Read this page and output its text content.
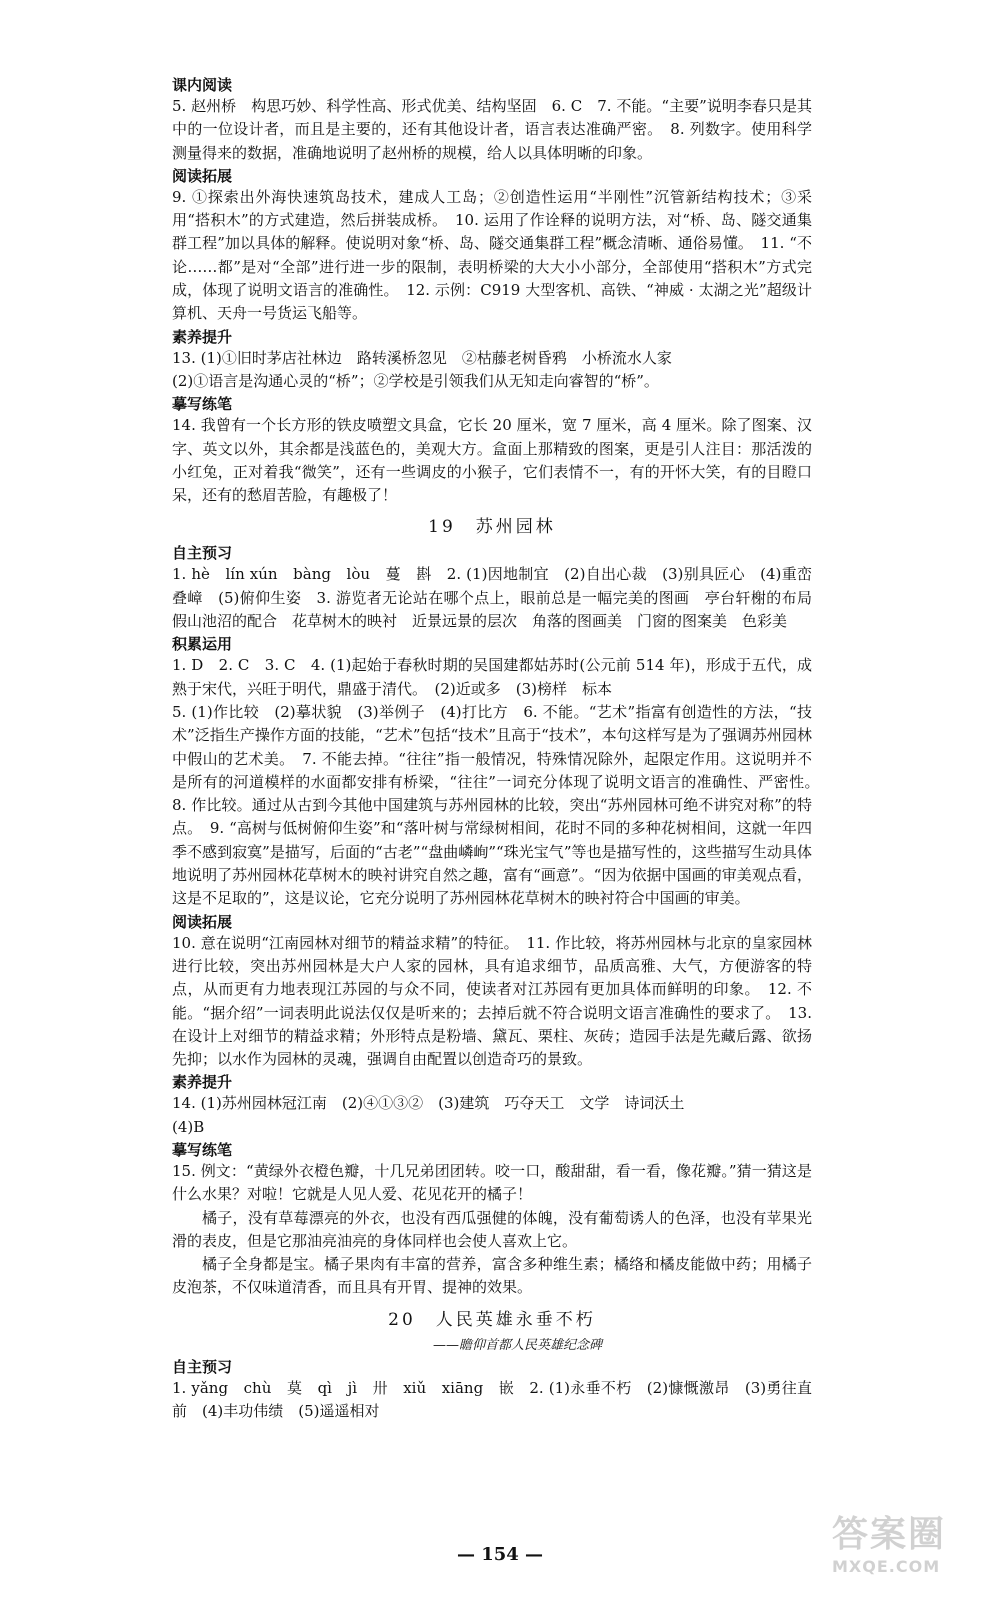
课内阅读

5. 赵州桥　构思巧妙、科学性高、形式优美、结构坚固　6. C　7. 不能。“主要”说明李春只是其中的一位设计者，而且是主要的，还有其他设计者，语言表达准确严密。　8. 列数字。使用科学测量得来的数据，准确地说明了赵州桥的规模，给人以具体明晰的印象。

阅读拓展

9. ①探索出外海快速筑岛技术，建成人工岛；②创造性运用“半刚性”沉管新结构技术；③采用“搭积木”的方式建造，然后拼装成桥。　10. 运用了作诠释的说明方法，对“桥、岛、隧交通集群工程”加以具体的解释。使说明对象“桥、岛、隧交通集群工程”概念清晰、通俗易懂。　11. “不论……都”是对“全部”进行进一步的限制，表明桥梁的大大小小部分，全部使用“搭积木”方式完成，体现了说明文语言的准确性。　12. 示例：C919 大型客机、高铁、“神威 · 太湖之光”超级计算机、天舟一号货运飞船等。

素养提升

13. (1)①旧时茅店社林边　路转溪桥忽见　②枯藤老树昏鸦　小桥流水人家

(2)①语言是沟通心灵的“桥”；②学校是引领我们从无知走向睿智的“桥”。

摹写练笔

14. 我曾有一个长方形的铁皮喷塑文具盒，它长 20 厘米，宽 7 厘米，高 4 厘米。除了图案、汉字、英文以外，其余都是浅蓝色的，美观大方。盒面上那精致的图案，更是引人注目：那活泼的小红兔，正对着我“微笑”，还有一些调皮的小猴子，它们表情不一，有的开怀大笑，有的目瞪口呆，还有的愁眉苦脸，有趣极了！

19　苏州园林
自主预习

1. hè　lín xún　bàng　lòu　蔓　斟　2. (1)因地制宜　(2)自出心裁　(3)别具匠心　(4)重峦叠嶂　(5)俯仰生姿　3. 游览者无论站在哪个点上，眼前总是一幅完美的图画　亭台轩榭的布局　假山池沼的配合　花草树木的映衬　近景远景的层次　角落的图画美　门窗的图案美　色彩美

积累运用

1. D　2. C　3. C　4. (1)起始于春秋时期的吴国建都姑苏时(公元前 514 年)，形成于五代，成熟于宋代，兴旺于明代，鼎盛于清代。　(2)近或多　(3)榜样　标本

5. (1)作比较　(2)摹状貌　(3)举例子　(4)打比方　6. 不能。“艺术”指富有创造性的方法，“技术”泛指生产操作方面的技能，“艺术”包括“技术”且高于“技术”，本句这样写是为了强调苏州园林中假山的艺术美。　7. 不能去掉。“往往”指一般情况，特殊情况除外，起限定作用。这说明并不是所有的河道模样的水面都安排有桥梁，“往往”一词充分体现了说明文语言的准确性、严密性。　8. 作比较。通过从古到今其他中国建筑与苏州园林的比较，突出“苏州园林可绝不讲究对称”的特点。　9. “高树与低树俯仰生姿”和“落叶树与常绿树相间，花时不同的多种花树相间，这就一年四季不感到寂寞”是描写，后面的“古老”“盘曲嶙峋”“珠光宝气”等也是描写性的，这些描写生动具体地说明了苏州园林花草树木的映衬讲究自然之趣，富有“画意”。“因为依据中国画的审美观点看，这是不足取的”，这是议论，它充分说明了苏州园林花草树木的映衬符合中国画的审美。

阅读拓展

10. 意在说明“江南园林对细节的精益求精”的特征。　11. 作比较，将苏州园林与北京的皇家园林进行比较，突出苏州园林是大户人家的园林，具有追求细节，品质高雅、大气，方便游客的特点，从而更有力地表现江苏园的与众不同，使读者对江苏园有更加具体而鲜明的印象。　12. 不能。“据介绍”一词表明此说法仅仅是听来的；去掉后就不符合说明文语言准确性的要求了。　13. 在设计上对细节的精益求精；外形特点是粉墙、黛瓦、栗柱、灰砖；造园手法是先藏后露、欲扬先抑；以水作为园林的灵魂，强调自由配置以创造奇巧的景致。

素养提升

14. (1)苏州园林冠江南　(2)④①③②　(3)建筑　巧夺天工　文学　诗词沃土

(4)B

摹写练笔

15. 例文：“黄绿外衣橙色瓣，十几兄弟团团转。咬一口，酸甜甜，看一看，像花瓣。”猜一猜这是什么水果？对啦！它就是人见人爱、花见花开的橘子！

橘子，没有草莓漂亮的外衣，也没有西瓜强健的体魄，没有葡萄诱人的色泽，也没有苹果光滑的表皮，但是它那油亮油亮的身体同样也会使人喜欢上它。

橘子全身都是宝。橘子果肉有丰富的营养，富含多种维生素；橘络和橘皮能做中药；用橘子皮泡茶，不仅味道清香，而且具有开胃、提神的效果。

20　人民英雄永垂不朽
——瞻仰首都人民英雄纪念碑
自主预习

1. yǎng　chù　莫　qì　jì　卅　xiǔ　xiāng　嵌　2. (1)永垂不朽　(2)慷慨激昂　(3)勇往直前　(4)丰功伟绩　(5)遥遥相对

— 154 —	答案圈
MXQE.COM
